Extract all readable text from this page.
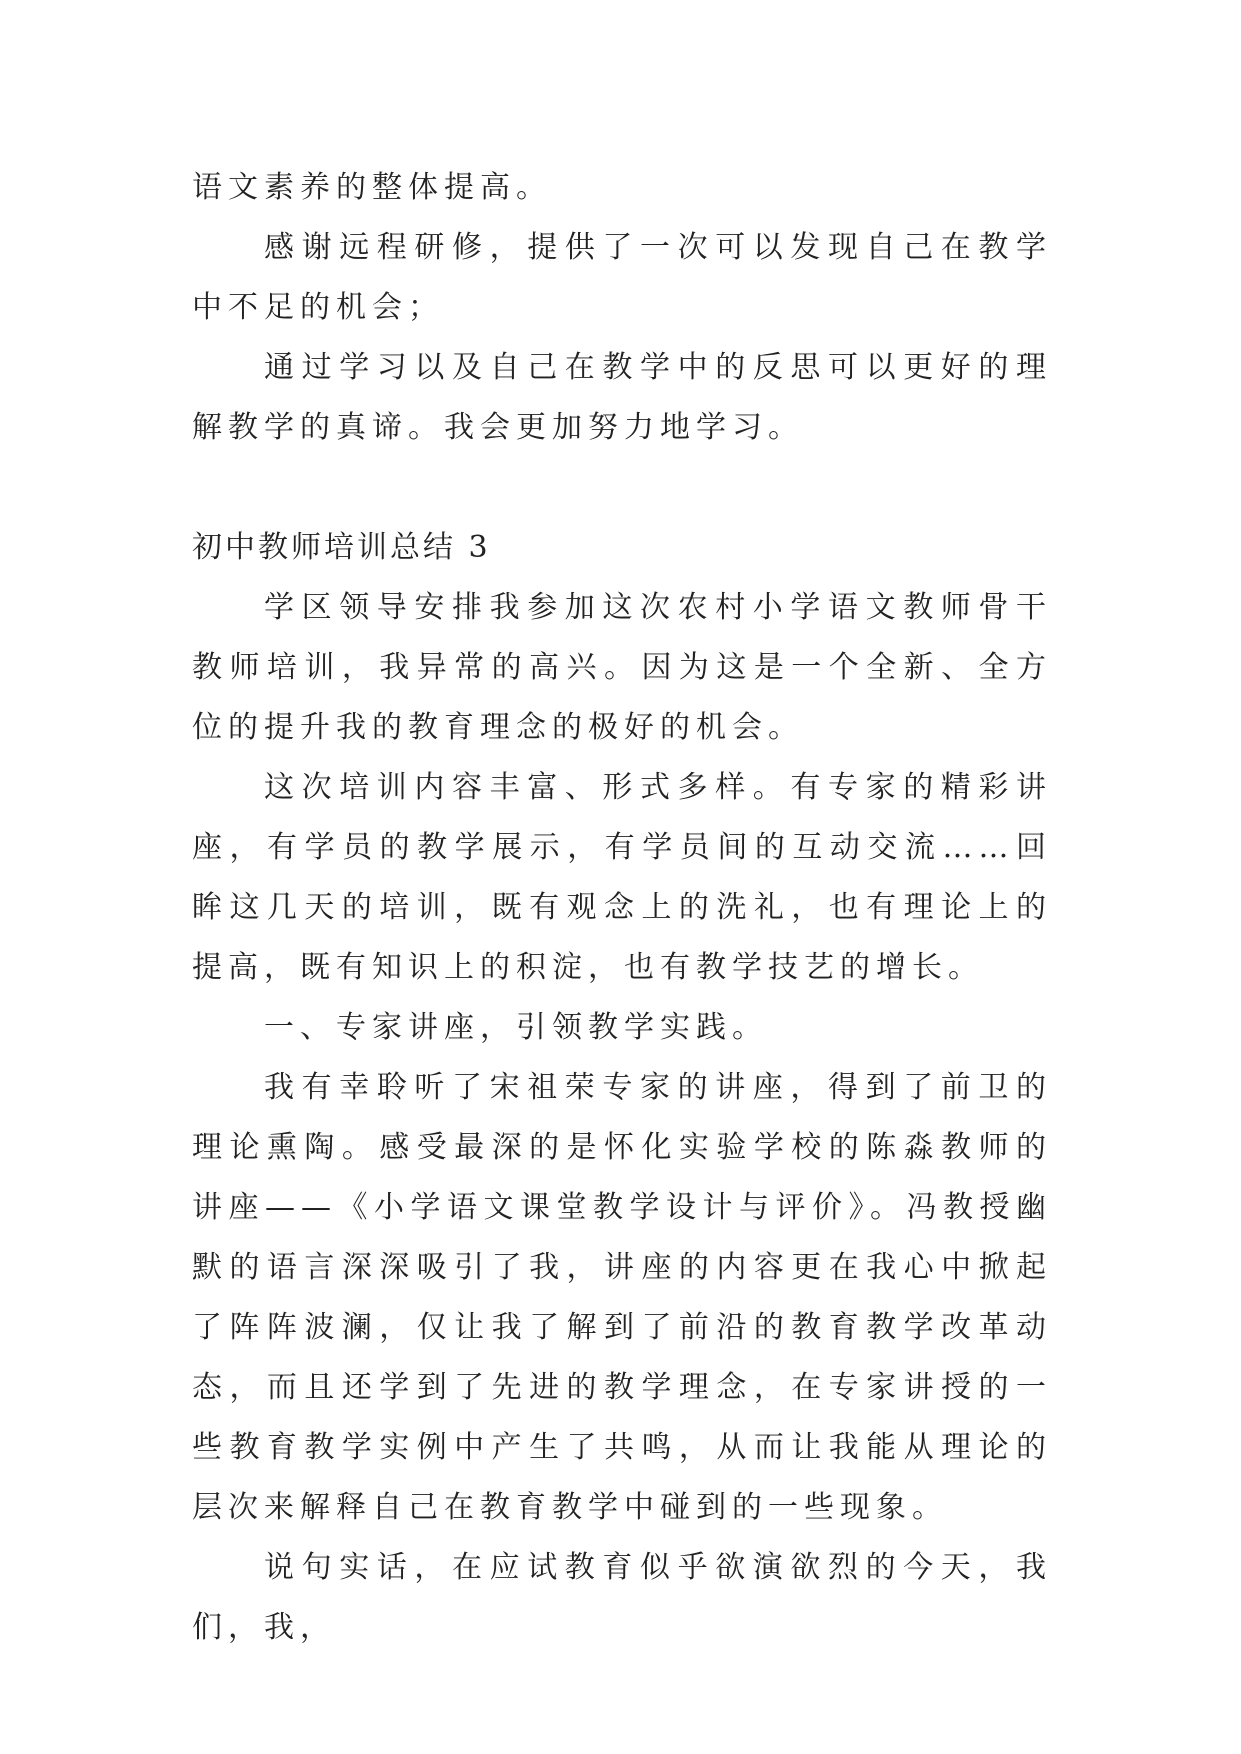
语文素养的整体提高。

感谢远程研修，提供了一次可以发现自己在教学中不足的机会；

通过学习以及自己在教学中的反思可以更好的理解教学的真谛。我会更加努力地学习。

初中教师培训总结 3

学区领导安排我参加这次农村小学语文教师骨干教师培训，我异常的高兴。因为这是一个全新、全方位的提升我的教育理念的极好的机会。

这次培训内容丰富、形式多样。有专家的精彩讲座，有学员的教学展示，有学员间的互动交流……回眸这几天的培训，既有观念上的洗礼，也有理论上的提高，既有知识上的积淀，也有教学技艺的增长。

一、专家讲座，引领教学实践。

我有幸聆听了宋祖荣专家的讲座，得到了前卫的理论熏陶。感受最深的是怀化实验学校的陈淼教师的讲座——《小学语文课堂教学设计与评价》。冯教授幽默的语言深深吸引了我，讲座的内容更在我心中掀起了阵阵波澜，仅让我了解到了前沿的教育教学改革动态，而且还学到了先进的教学理念，在专家讲授的一些教育教学实例中产生了共鸣，从而让我能从理论的层次来解释自己在教育教学中碰到的一些现象。

说句实话，在应试教育似乎欲演欲烈的今天，我们，我，
